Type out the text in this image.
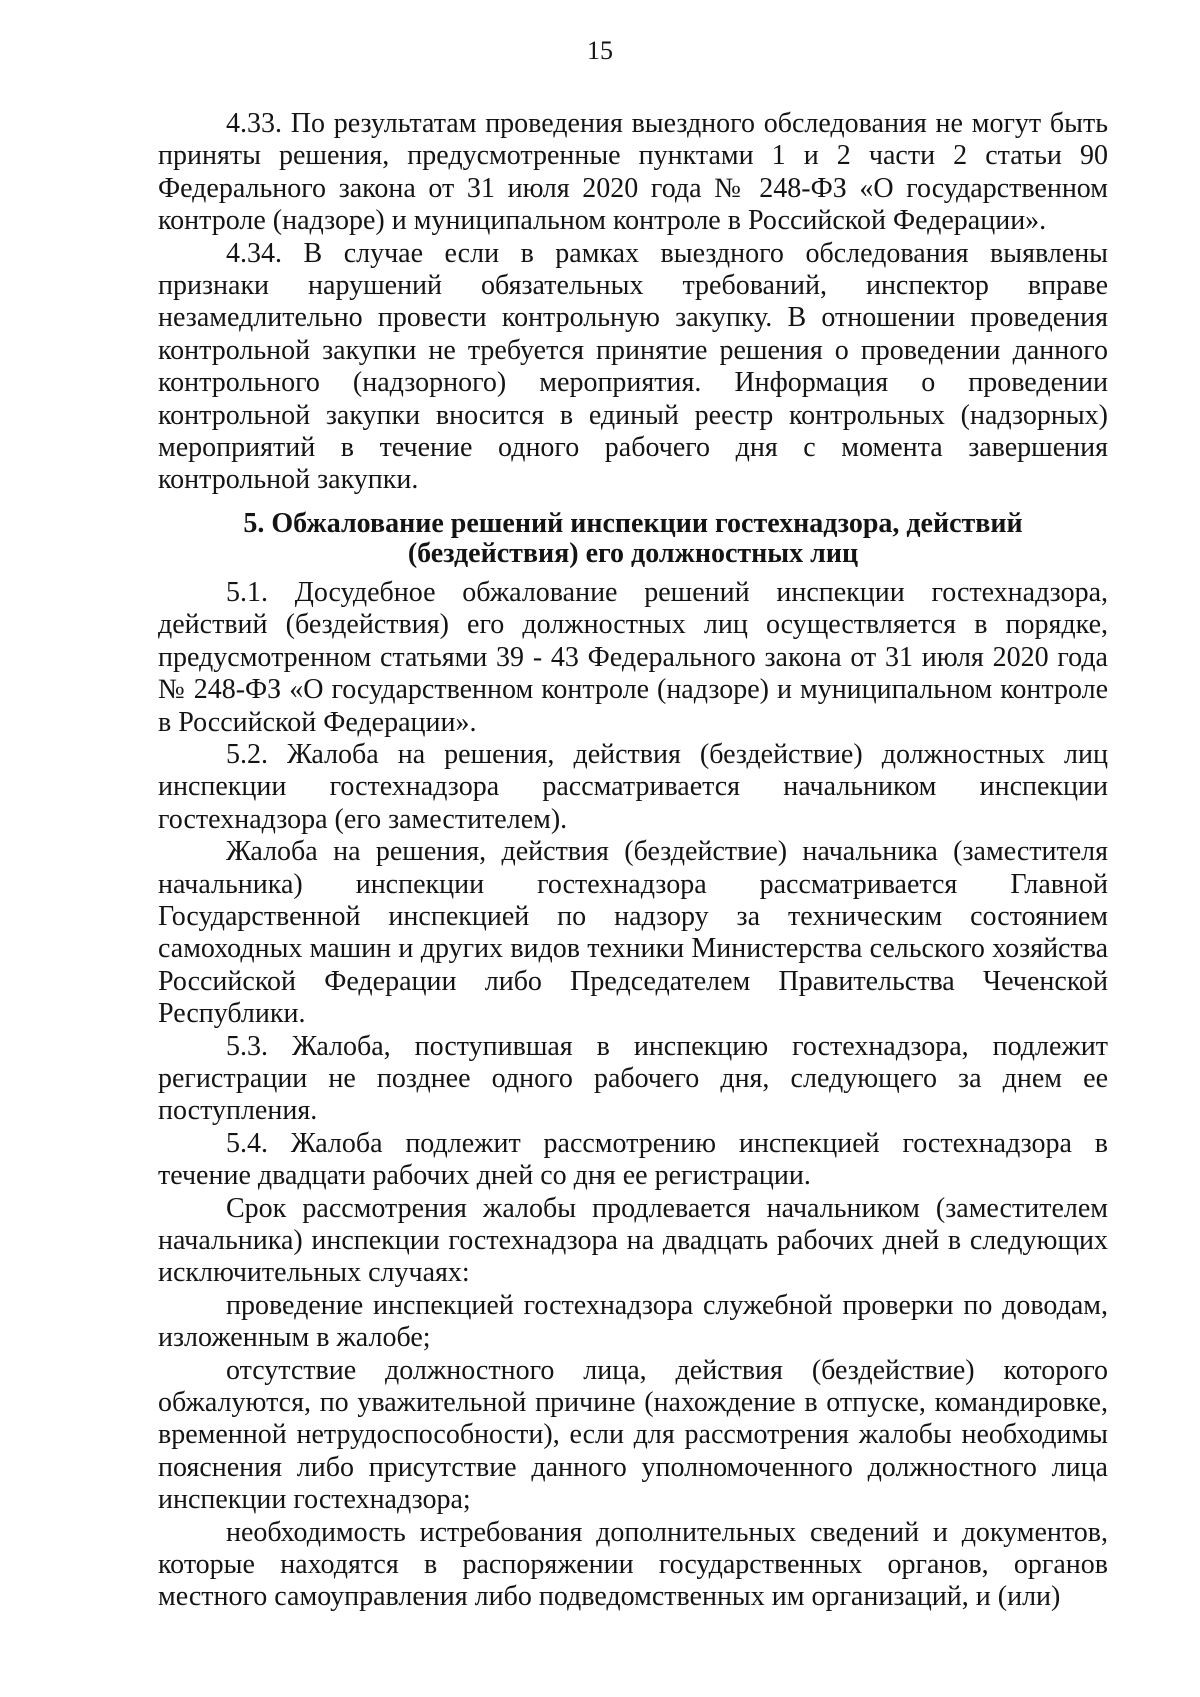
15

4.33. По результатам проведения выездного обследования не могут быть приняты решения, предусмотренные пунктами 1 и 2 части 2 статьи 90 Федерального закона от 31 июля 2020 года № 248-ФЗ «О государственном контроле (надзоре) и муниципальном контроле в Российской Федерации».

4.34. В случае если в рамках выездного обследования выявлены признаки нарушений обязательных требований, инспектор вправе незамедлительно провести контрольную закупку. В отношении проведения контрольной закупки не требуется принятие решения о проведении данного контрольного (надзорного) мероприятия. Информация о проведении контрольной закупки вносится в единый реестр контрольных (надзорных) мероприятий в течение одного рабочего дня с момента завершения контрольной закупки.

5. Обжалование решений инспекции гостехнадзора, действий
(бездействия) его должностных лиц

5.1. Досудебное обжалование решений инспекции гостехнадзора, действий (бездействия) его должностных лиц осуществляется в порядке, предусмотренном статьями 39 - 43 Федерального закона от 31 июля 2020 года № 248-ФЗ «О государственном контроле (надзоре) и муниципальном контроле в Российской Федерации».

5.2. Жалоба на решения, действия (бездействие) должностных лиц инспекции гостехнадзора рассматривается начальником инспекции гостехнадзора (его заместителем).

Жалоба на решения, действия (бездействие) начальника (заместителя начальника) инспекции гостехнадзора рассматривается Главной Государственной инспекцией по надзору за техническим состоянием самоходных машин и других видов техники Министерства сельского хозяйства Российской Федерации либо Председателем Правительства Чеченской Республики.

5.3. Жалоба, поступившая в инспекцию гостехнадзора, подлежит регистрации не позднее одного рабочего дня, следующего за днем ее поступления.

5.4. Жалоба подлежит рассмотрению инспекцией гостехнадзора в течение двадцати рабочих дней со дня ее регистрации.

Срок рассмотрения жалобы продлевается начальником (заместителем начальника) инспекции гостехнадзора на двадцать рабочих дней в следующих исключительных случаях:

проведение инспекцией гостехнадзора служебной проверки по доводам, изложенным в жалобе;

отсутствие должностного лица, действия (бездействие) которого обжалуются, по уважительной причине (нахождение в отпуске, командировке, временной нетрудоспособности), если для рассмотрения жалобы необходимы пояснения либо присутствие данного уполномоченного должностного лица инспекции гостехнадзора;

необходимость истребования дополнительных сведений и документов, которые находятся в распоряжении государственных органов, органов местного самоуправления либо подведомственных им организаций, и (или)
